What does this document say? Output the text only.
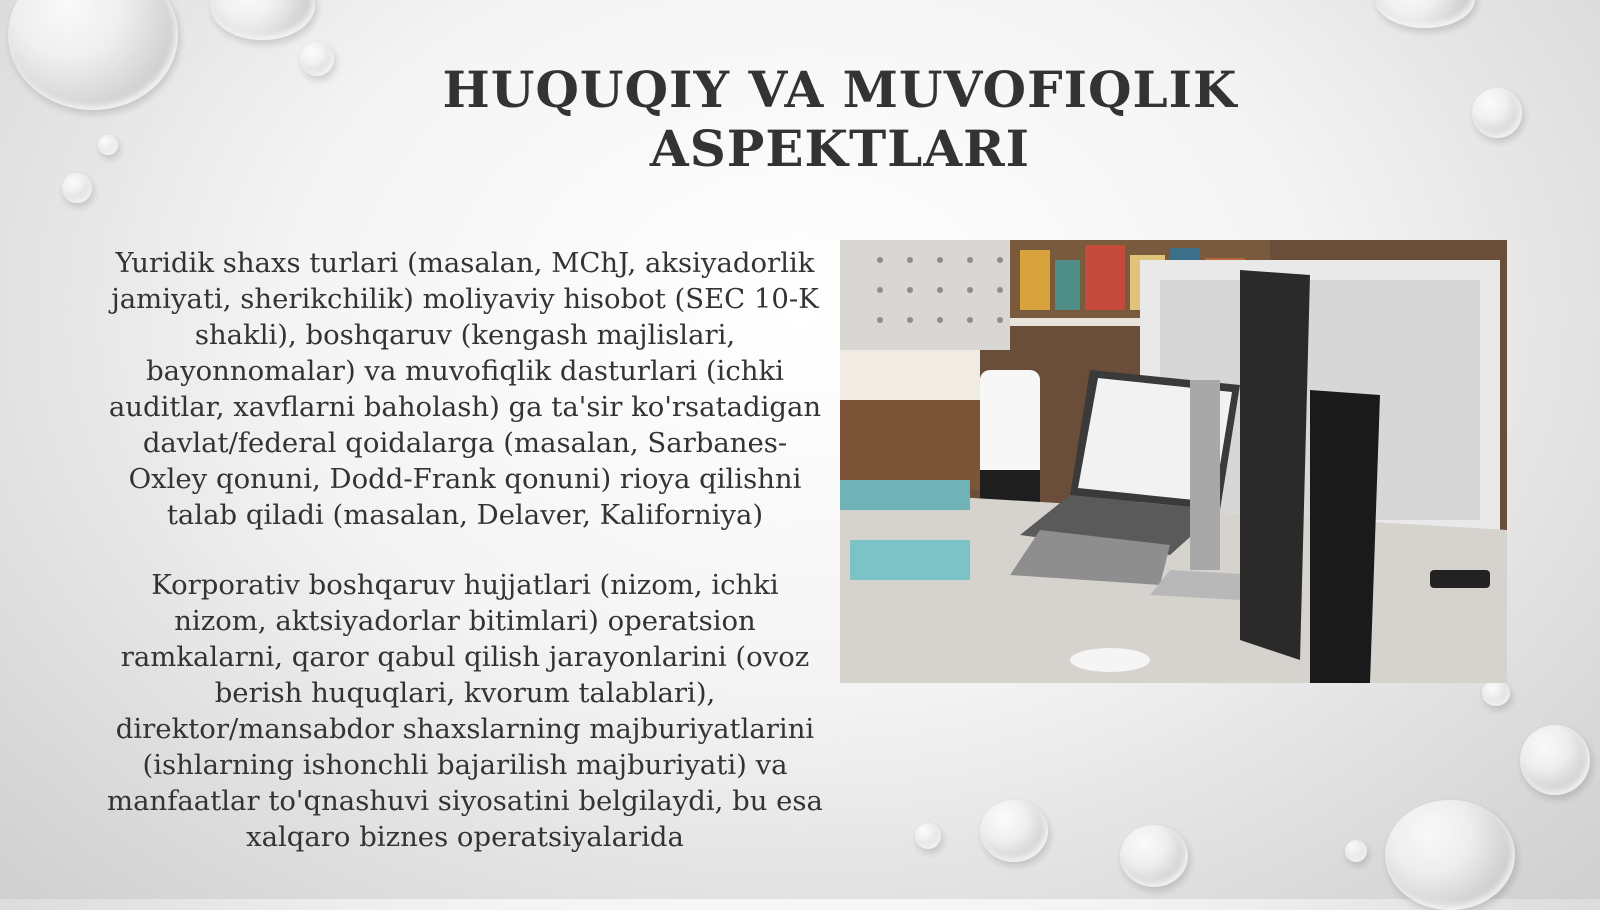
HUQUQIY VA MUVOFIQLIK ASPEKTLARI

Yuridik shaxs turlari (masalan, MChJ, aksiyadorlik jamiyati, sherikchilik) moliyaviy hisobot (SEC 10-K shakli), boshqaruv (kengash majlislari, bayonnomalar) va muvofiqlik dasturlari (ichki auditlar, xavflarni baholash) ga ta'sir ko'rsatadigan davlat/federal qoidalarga (masalan, Sarbanes-Oxley qonuni, Dodd-Frank qonuni) rioya qilishni talab qiladi (masalan, Delaver, Kaliforniya)

Korporativ boshqaruv hujjatlari (nizom, ichki nizom, aktsiyadorlar bitimlari) operatsion ramkalarni, qaror qabul qilish jarayonlarini (ovoz berish huquqlari, kvorum talablari), direktor/mansabdor shaxslarning majburiyatlarini (ishlarning ishonchli bajarilish majburiyati) va manfaatlar to'qnashuvi siyosatini belgilaydi, bu esa xalqaro biznes operatsiyalarida
